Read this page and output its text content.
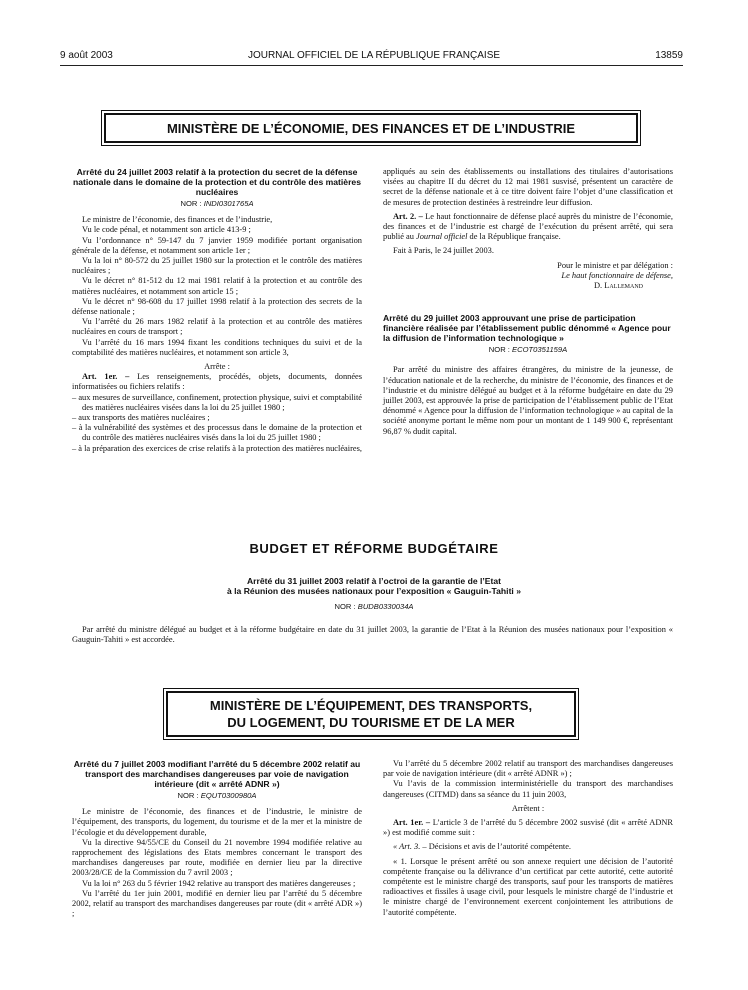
9 août 2003	JOURNAL OFFICIEL DE LA RÉPUBLIQUE FRANÇAISE	13859
MINISTÈRE DE L’ÉCONOMIE, DES FINANCES ET DE L’INDUSTRIE
Arrêté du 24 juillet 2003 relatif à la protection du secret de la défense nationale dans le domaine de la protection et du contrôle des matières nucléaires
NOR : INDI0301765A

Le ministre de l’économie, des finances et de l’industrie,

Vu le code pénal, et notamment son article 413-9 ;

Vu l’ordonnance n° 59-147 du 7 janvier 1959 modifiée portant organisation générale de la défense, et notamment son article 1er ;

Vu la loi n° 80-572 du 25 juillet 1980 sur la protection et le contrôle des matières nucléaires ;

Vu le décret n° 81-512 du 12 mai 1981 relatif à la protection et au contrôle des matières nucléaires, et notamment son article 15 ;

Vu le décret n° 98-608 du 17 juillet 1998 relatif à la protection des secrets de la défense nationale ;

Vu l’arrêté du 26 mars 1982 relatif à la protection et au contrôle des matières nucléaires en cours de transport ;

Vu l’arrêté du 16 mars 1994 fixant les conditions techniques du suivi et de la comptabilité des matières nucléaires, et notamment son article 3,

Arrête :

Art. 1er. – Les renseignements, procédés, objets, documents, données informatisées ou fichiers relatifs :

– aux mesures de surveillance, confinement, protection physique, suivi et comptabilité des matières nucléaires visées dans la loi du 25 juillet 1980 ;

– aux transports des matières nucléaires ;

– à la vulnérabilité des systèmes et des processus dans le domaine de la protection et du contrôle des matières nucléaires visés dans la loi du 25 juillet 1980 ;

– à la préparation des exercices de crise relatifs à la protection des matières nucléaires,

appliqués au sein des établissements ou installations des titulaires d’autorisations visées au chapitre II du décret du 12 mai 1981 susvisé, présentent un caractère de secret de la défense nationale et à ce titre doivent faire l’objet d’une classification et de mesures de protection destinées à restreindre leur diffusion.

Art. 2. – Le haut fonctionnaire de défense placé auprès du ministre de l’économie, des finances et de l’industrie est chargé de l’exécution du présent arrêté, qui sera publié au Journal officiel de la République française.

Fait à Paris, le 24 juillet 2003.

Pour le ministre et par délégation :

Le haut fonctionnaire de défense,

D. Lallemand

Arrêté du 29 juillet 2003 approuvant une prise de participation financière réalisée par l’établissement public dénommé « Agence pour la diffusion de l’information technologique »
NOR : ECOT0351159A

Par arrêté du ministre des affaires étrangères, du ministre de la jeunesse, de l’éducation nationale et de la recherche, du ministre de l’économie, des finances et de l’industrie et du ministre délégué au budget et à la réforme budgétaire en date du 29 juillet 2003, est approuvée la prise de participation de l’établissement public de l’Etat dénommé « Agence pour la diffusion de l’information technologique » au capital de la société anonyme portant le même nom pour un montant de 1 149 900 €, représentant 96,87 % dudit capital.

BUDGET ET RÉFORME BUDGÉTAIRE
Arrêté du 31 juillet 2003 relatif à l’octroi de la garantie de l’Etat
à la Réunion des musées nationaux pour l’exposition « Gauguin-Tahiti »
NOR : BUDB0330034A

Par arrêté du ministre délégué au budget et à la réforme budgétaire en date du 31 juillet 2003, la garantie de l’Etat à la Réunion des musées nationaux pour l’exposition « Gauguin-Tahiti » est accordée.

MINISTÈRE DE L’ÉQUIPEMENT, DES TRANSPORTS,
DU LOGEMENT, DU TOURISME ET DE LA MER
Arrêté du 7 juillet 2003 modifiant l’arrêté du 5 décembre 2002 relatif au transport des marchandises dangereuses par voie de navigation intérieure (dit « arrêté ADNR »)
NOR : EQUT0300980A

Le ministre de l’économie, des finances et de l’industrie, le ministre de l’équipement, des transports, du logement, du tourisme et de la mer et la ministre de l’écologie et du développement durable,

Vu la directive 94/55/CE du Conseil du 21 novembre 1994 modifiée relative au rapprochement des législations des Etats membres concernant le transport des marchandises dangereuses par route, modifiée en dernier lieu par la directive 2003/28/CE de la Commission du 7 avril 2003 ;

Vu la loi n° 263 du 5 février 1942 relative au transport des matières dangereuses ;

Vu l’arrêté du 1er juin 2001, modifié en dernier lieu par l’arrêté du 5 décembre 2002, relatif au transport des marchandises dangereuses par route (dit « arrêté ADR ») ;

Vu l’arrêté du 5 décembre 2002 relatif au transport des marchandises dangereuses par voie de navigation intérieure (dit « arrêté ADNR ») ;

Vu l’avis de la commission interministérielle du transport des marchandises dangereuses (CITMD) dans sa séance du 11 juin 2003,

Arrêtent :

Art. 1er. – L’article 3 de l’arrêté du 5 décembre 2002 susvisé (dit « arrêté ADNR ») est modifié comme suit :

« Art. 3. – Décisions et avis de l’autorité compétente.

« 1. Lorsque le présent arrêté ou son annexe requiert une décision de l’autorité compétente française ou la délivrance d’un certificat par cette autorité, cette autorité compétente est le ministre chargé des transports, sauf pour les transports de matières radioactives et fissiles à usage civil, pour lesquels le ministre chargé de l’industrie et le ministre chargé de l’environnement exercent conjointement les attributions de l’autorité compétente.
